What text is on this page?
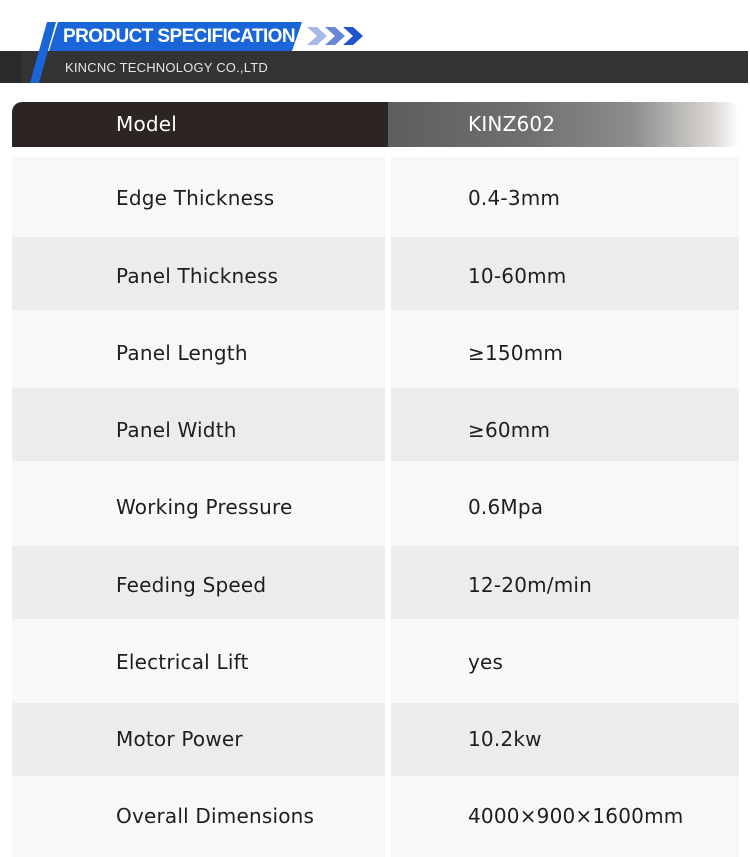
PRODUCT SPECIFICATION
KINCNC TECHNOLOGY CO.,LTD
Model	KINZ602
Edge Thickness	0.4-3mm
Panel Thickness	10-60mm
Panel Length	≥150mm
Panel Width	≥60mm
Working Pressure	0.6Mpa
Feeding Speed	12-20m/min
Electrical Lift	yes
Motor Power	10.2kw
Overall Dimensions	4000×900×1600mm
